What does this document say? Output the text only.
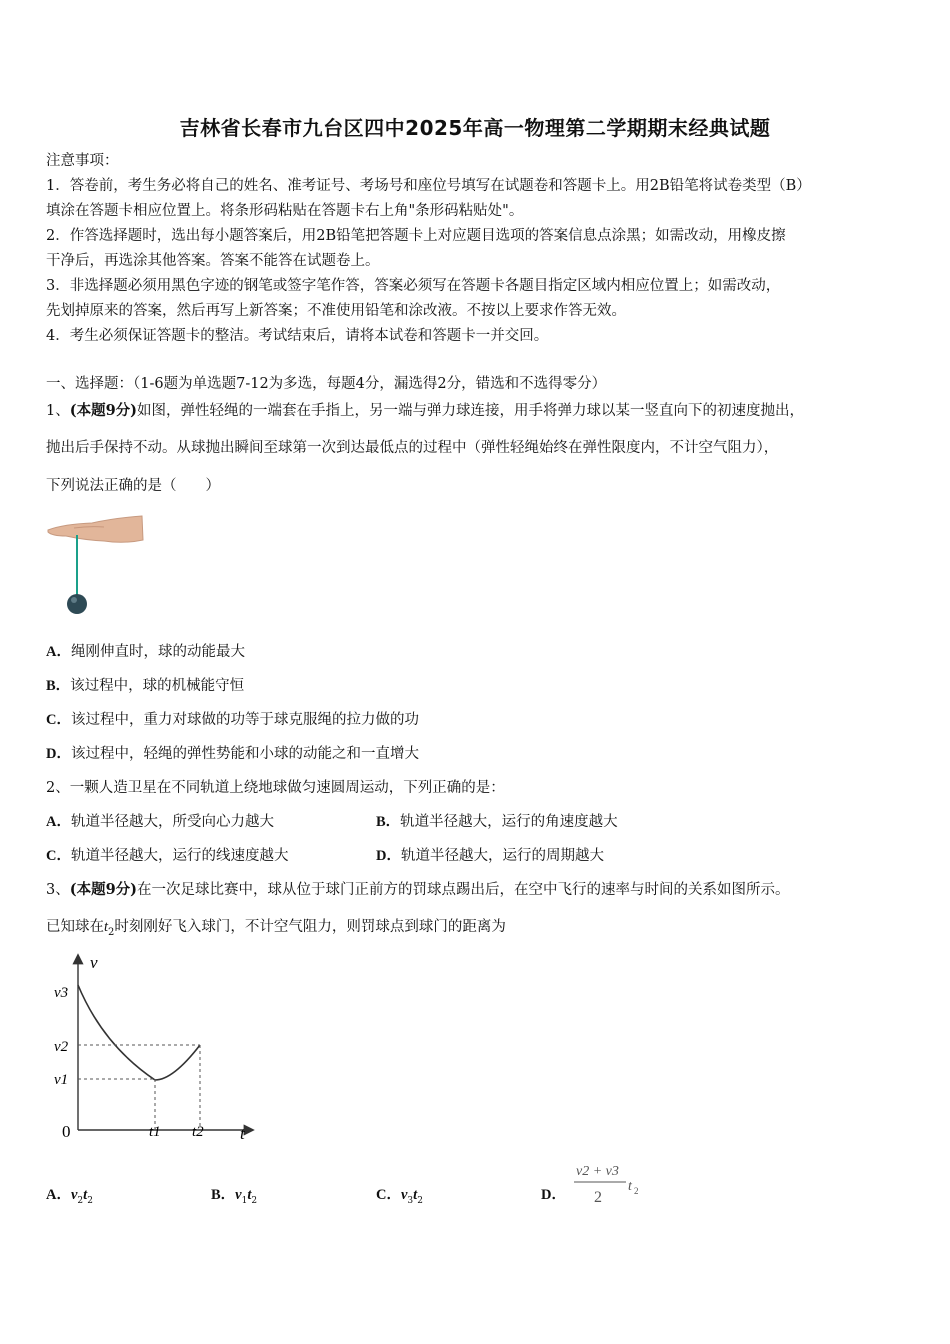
吉林省长春市九台区四中2025年高一物理第二学期期末经典试题
注意事项：
1．答卷前，考生务必将自己的姓名、准考证号、考场号和座位号填写在试题卷和答题卡上。用2B铅笔将试卷类型（B）
填涂在答题卡相应位置上。将条形码粘贴在答题卡右上角"条形码粘贴处"。
2．作答选择题时，选出每小题答案后，用2B铅笔把答题卡上对应题目选项的答案信息点涂黑；如需改动，用橡皮擦
干净后，再选涂其他答案。答案不能答在试题卷上。
3．非选择题必须用黑色字迹的钢笔或签字笔作答，答案必须写在答题卡各题目指定区域内相应位置上；如需改动，
先划掉原来的答案，然后再写上新答案；不准使用铅笔和涂改液。不按以上要求作答无效。
4．考生必须保证答题卡的整洁。考试结束后，请将本试卷和答题卡一并交回。
一、选择题：（1-6题为单选题7-12为多选，每题4分，漏选得2分，错选和不选得零分）
1、(本题9分)如图，弹性轻绳的一端套在手指上，另一端与弹力球连接，用手将弹力球以某一竖直向下的初速度抛出，
抛出后手保持不动。从球抛出瞬间至球第一次到达最低点的过程中（弹性轻绳始终在弹性限度内，不计空气阻力），
下列说法正确的是（　　）
A．绳刚伸直时，球的动能最大
B．该过程中，球的机械能守恒
C．该过程中，重力对球做的功等于球克服绳的拉力做的功
D．该过程中，轻绳的弹性势能和小球的动能之和一直增大
2、一颗人造卫星在不同轨道上绕地球做匀速圆周运动，下列正确的是：
A．轨道半径越大，所受向心力越大	B．轨道半径越大，运行的角速度越大
C．轨道半径越大，运行的线速度越大	D．轨道半径越大，运行的周期越大
3、(本题9分)在一次足球比赛中，球从位于球门正前方的罚球点踢出后，在空中飞行的速率与时间的关系如图所示。
已知球在$t_2$时刻刚好飞入球门，不计空气阻力，则罚球点到球门的距离为
v
t
0
v3
v2
v1
t1 t2
A．$v_2t_2$	B．$v_1t_2$	C．$v_3t_2$	D．
v2 + v3
2
t 2
